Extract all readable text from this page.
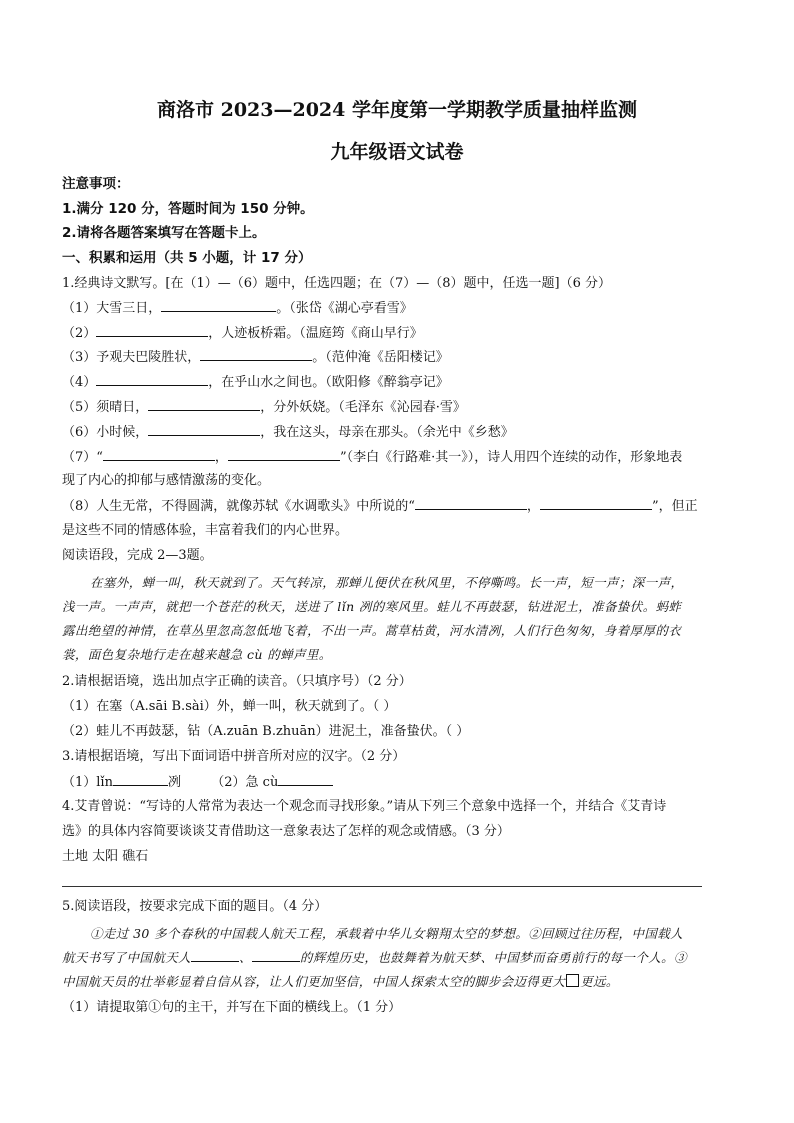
商洛市 2023—2024 学年度第一学期教学质量抽样监测
九年级语文试卷
注意事项：
1.满分 120 分，答题时间为 150 分钟。
2.请将各题答案填写在答题卡上。
一、积累和运用（共 5 小题，计 17 分）
1.经典诗文默写。[在（1）—（6）题中，任选四题；在（7）—（8）题中，任选一题]（6 分）
（1）大雪三日，	。（张岱《湖心亭看雪》
（2）	，人迹板桥霜。（温庭筠《商山早行》
（3）予观夫巴陵胜状，	。（范仲淹《岳阳楼记》
（4）	，在乎山水之间也。（欧阳修《醉翁亭记》
（5）须晴日，	，分外妖娆。（毛泽东《沁园春·雪》
（6）小时候，	，我在这头，母亲在那头。（余光中《乡愁》
（7）“	，	”（李白《行路难·其一》），诗人用四个连续的动作，形象地表
现了内心的抑郁与感情激荡的变化。
（8）人生无常，不得圆满，就像苏轼《水调歌头》中所说的“	，	”，但正
是这些不同的情感体验，丰富着我们的内心世界。
阅读语段，完成 2—3题。
在塞外，蝉一叫，秋天就到了。天气转凉，那蝉儿便伏在秋风里，不停嘶鸣。长一声，短一声；深一声，
浅一声。一声声，就把一个苍茫的秋天，送进了 lǐn 冽的寒风里。蛙儿不再鼓瑟，钻进泥土，准备蛰伏。蚂蚱
露出绝望的神情，在草丛里忽高忽低地飞着，不出一声。蒿草枯黄，河水清冽，人们行色匆匆，身着厚厚的衣
裳，面色复杂地行走在越来越急 cù 的蝉声里。
2.请根据语境，选出加点字正确的读音。（只填序号）（2 分）
（1）在塞（A.sāi B.sài）外，蝉一叫，秋天就到了。（ ）
（2）蛙儿不再鼓瑟，钻（A.zuān B.zhuān）进泥土，准备蛰伏。（ ）
3.请根据语境，写出下面词语中拼音所对应的汉字。（2 分）
（1）lǐn	冽 （2）急 cù
4.艾青曾说：“写诗的人常常为表达一个观念而寻找形象。”请从下列三个意象中选择一个，并结合《艾青诗
选》的具体内容简要谈谈艾青借助这一意象表达了怎样的观念或情感。（3 分）
土地 太阳 礁石
5.阅读语段，按要求完成下面的题目。（4 分）
①走过 30 多个春秋的中国载人航天工程，承载着中华儿女翱翔太空的梦想。②回顾过往历程，中国载人
航天书写了中国航天人	、	的辉煌历史，也鼓舞着为航天梦、中国梦而奋勇前行的每一个人。③
中国航天员的壮举彰显着自信从容，让人们更加坚信，中国人探索太空的脚步会迈得更大 更远。
（1）请提取第①句的主干，并写在下面的横线上。（1 分）
